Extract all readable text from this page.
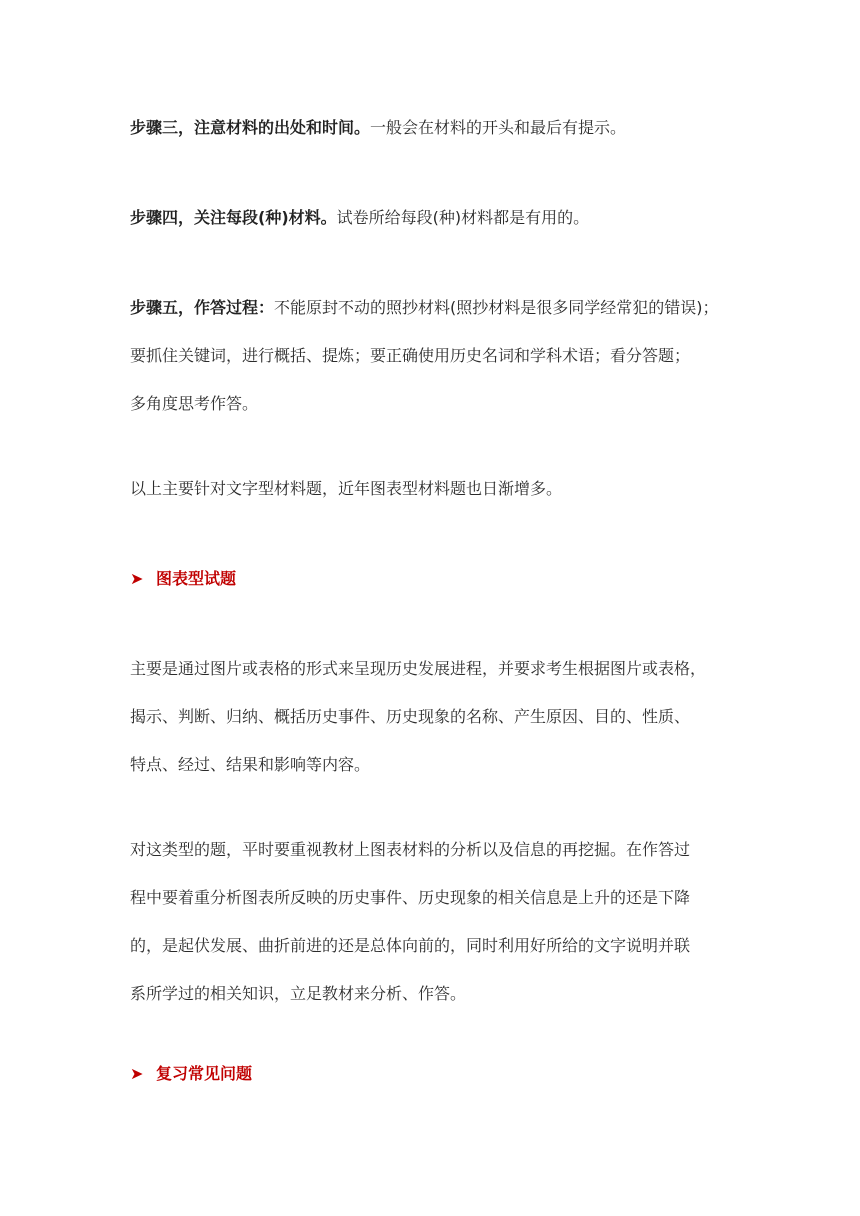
步骤三，注意材料的出处和时间。一般会在材料的开头和最后有提示。
步骤四，关注每段(种)材料。试卷所给每段(种)材料都是有用的。
步骤五，作答过程：不能原封不动的照抄材料(照抄材料是很多同学经常犯的错误)；
要抓住关键词，进行概括、提炼；要正确使用历史名词和学科术语；看分答题；
多角度思考作答。
以上主要针对文字型材料题，近年图表型材料题也日渐增多。
➤ 图表型试题
主要是通过图片或表格的形式来呈现历史发展进程，并要求考生根据图片或表格，
揭示、判断、归纳、概括历史事件、历史现象的名称、产生原因、目的、性质、
特点、经过、结果和影响等内容。
对这类型的题，平时要重视教材上图表材料的分析以及信息的再挖掘。在作答过
程中要着重分析图表所反映的历史事件、历史现象的相关信息是上升的还是下降
的，是起伏发展、曲折前进的还是总体向前的，同时利用好所给的文字说明并联
系所学过的相关知识，立足教材来分析、作答。
➤ 复习常见问题
